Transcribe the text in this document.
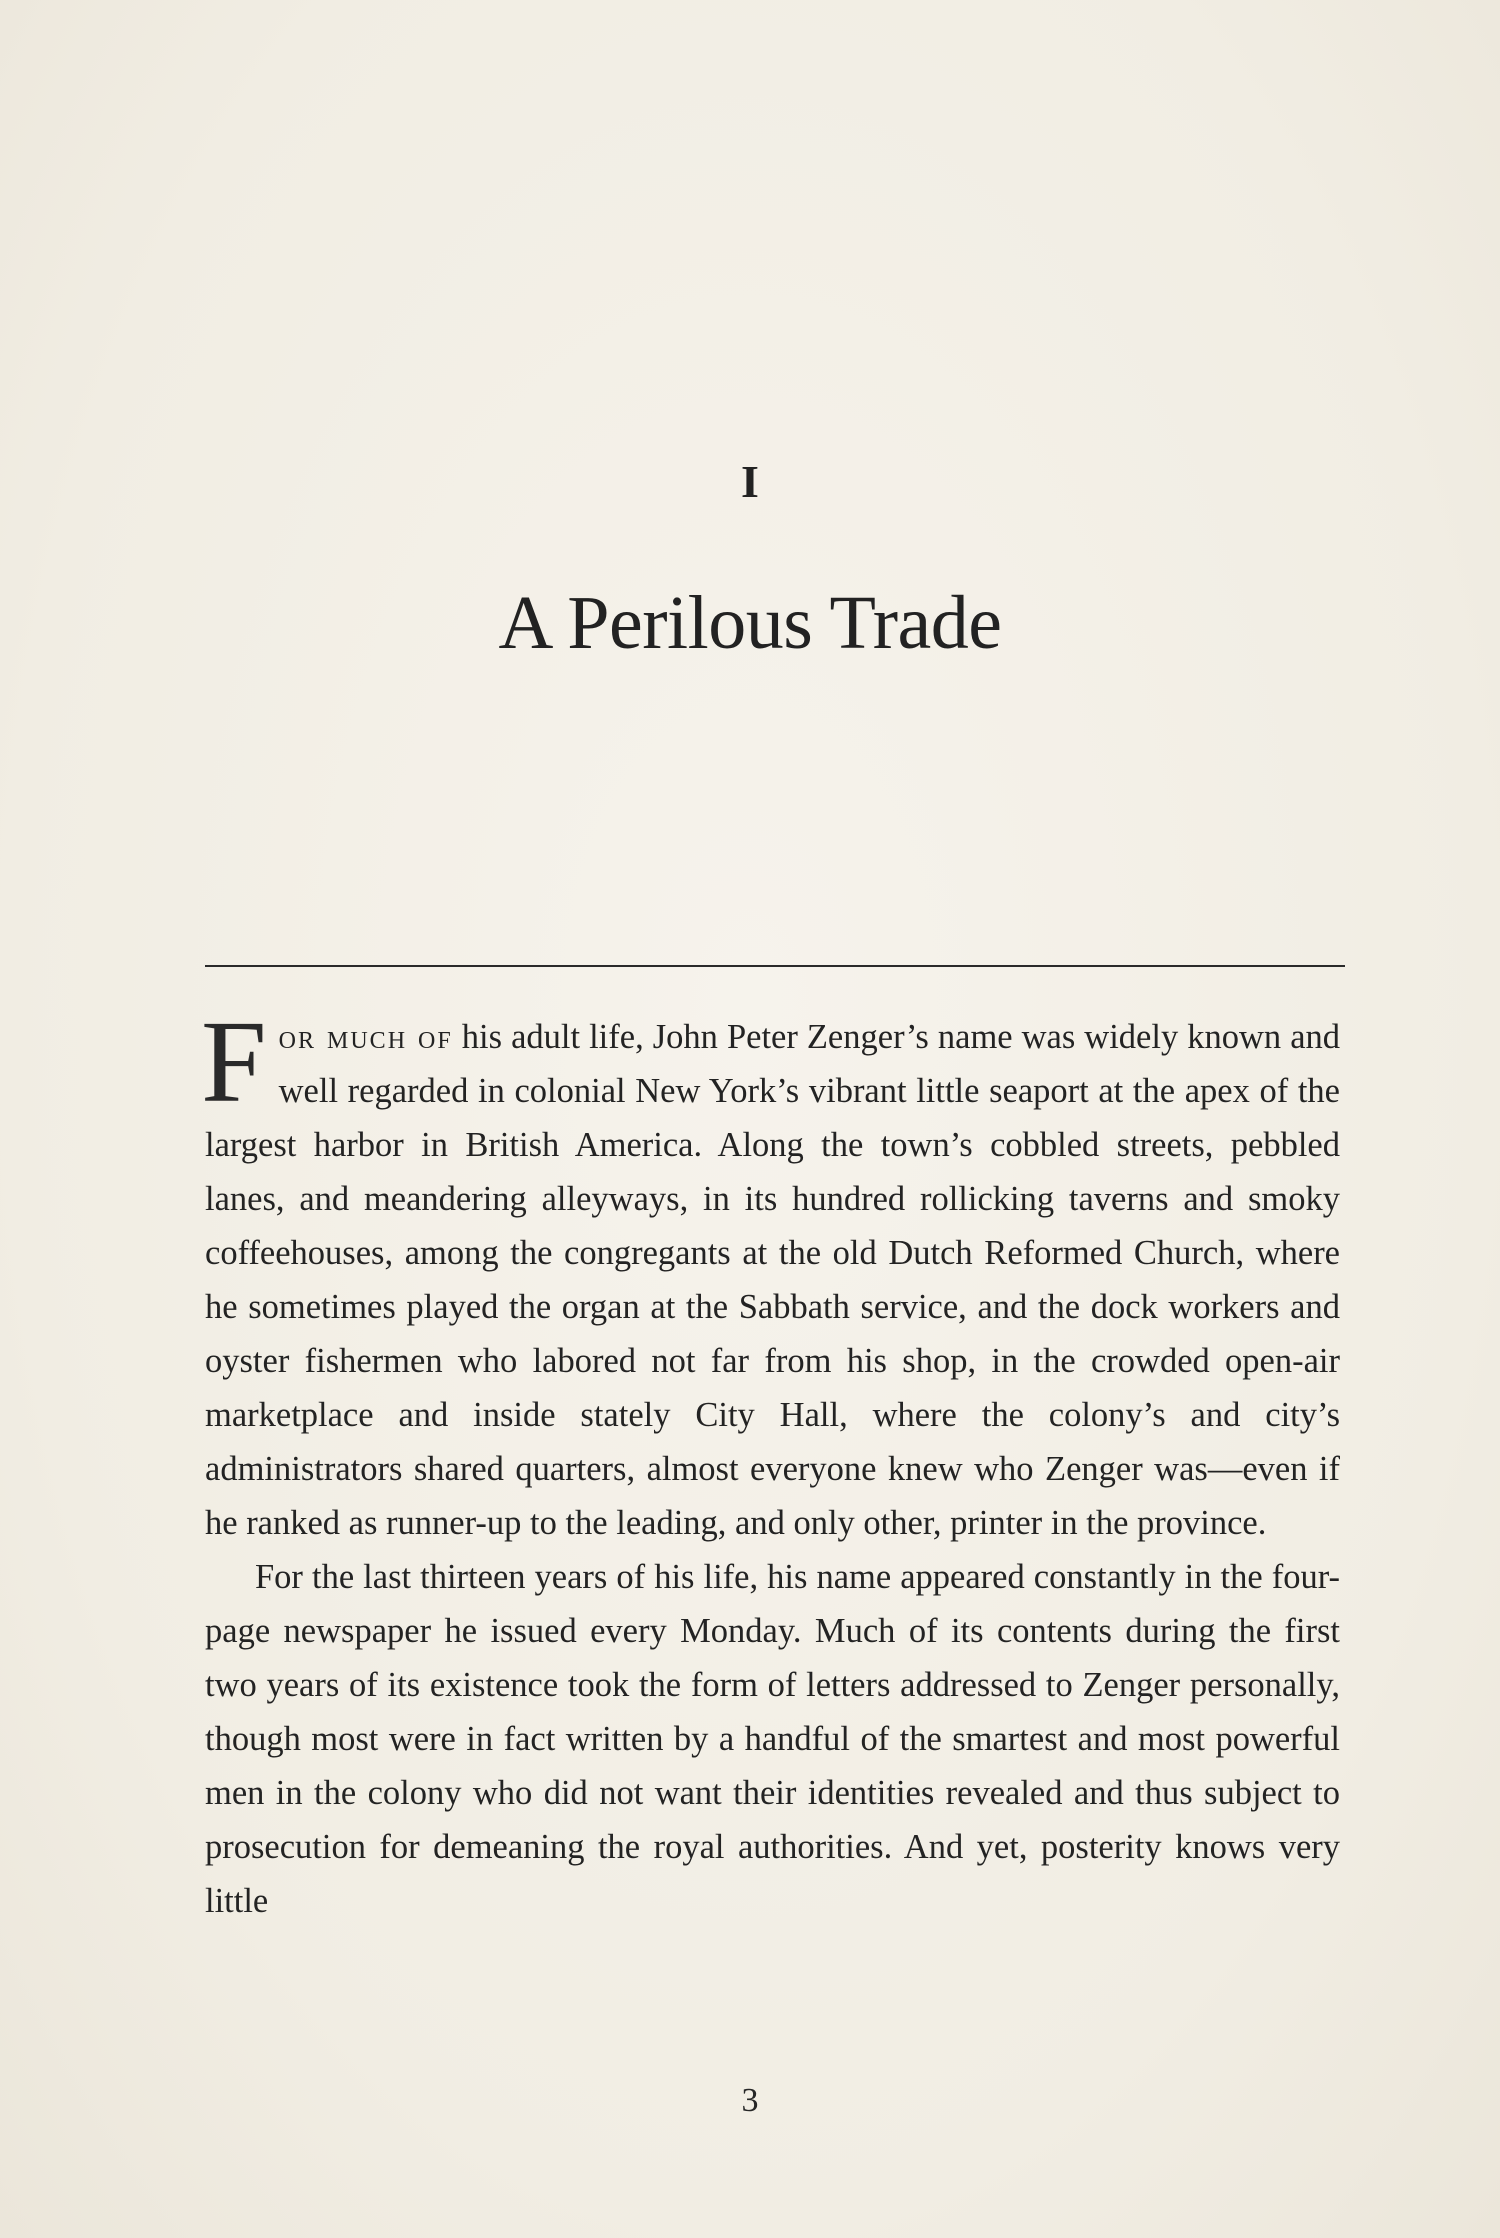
I
A Perilous Trade

For much of his adult life, John Peter Zenger’s name was widely known and well regarded in colonial New York’s vibrant little seaport at the apex of the largest harbor in British America. Along the town’s cobbled streets, pebbled lanes, and meandering alleyways, in its hundred rollicking taverns and smoky coffeehouses, among the congregants at the old Dutch Reformed Church, where he sometimes played the organ at the Sabbath service, and the dock workers and oyster fishermen who labored not far from his shop, in the crowded open-air marketplace and inside stately City Hall, where the colony’s and city’s administrators shared quarters, almost everyone knew who Zenger was—even if he ranked as runner-up to the leading, and only other, printer in the province.

For the last thirteen years of his life, his name appeared constantly in the four-page newspaper he issued every Monday. Much of its contents during the first two years of its existence took the form of letters addressed to Zenger personally, though most were in fact written by a handful of the smartest and most powerful men in the colony who did not want their identities revealed and thus subject to prosecution for demeaning the royal authorities. And yet, posterity knows very little

3
